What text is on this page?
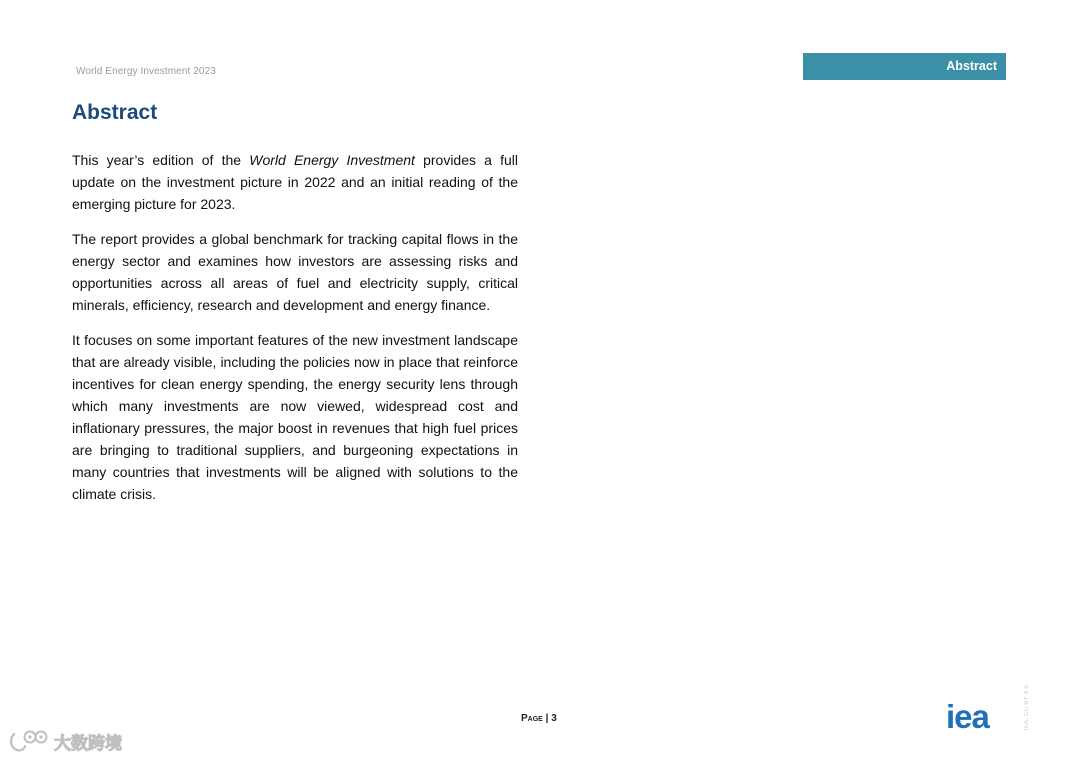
World Energy Investment 2023	Abstract
Abstract

This year’s edition of the World Energy Investment provides a full update on the investment picture in 2022 and an initial reading of the emerging picture for 2023.

The report provides a global benchmark for tracking capital flows in the energy sector and examines how investors are assessing risks and opportunities across all areas of fuel and electricity supply, critical minerals, efficiency, research and development and energy finance.

It focuses on some important features of the new investment landscape that are already visible, including the policies now in place that reinforce incentives for clean energy spending, the energy security lens through which many investments are now viewed, widespread cost and inflationary pressures, the major boost in revenues that high fuel prices are bringing to traditional suppliers, and burgeoning expectations in many countries that investments will be aligned with solutions to the climate crisis.

Page | 3	iea	IEA. CC BY 4.0.
大数跨境
